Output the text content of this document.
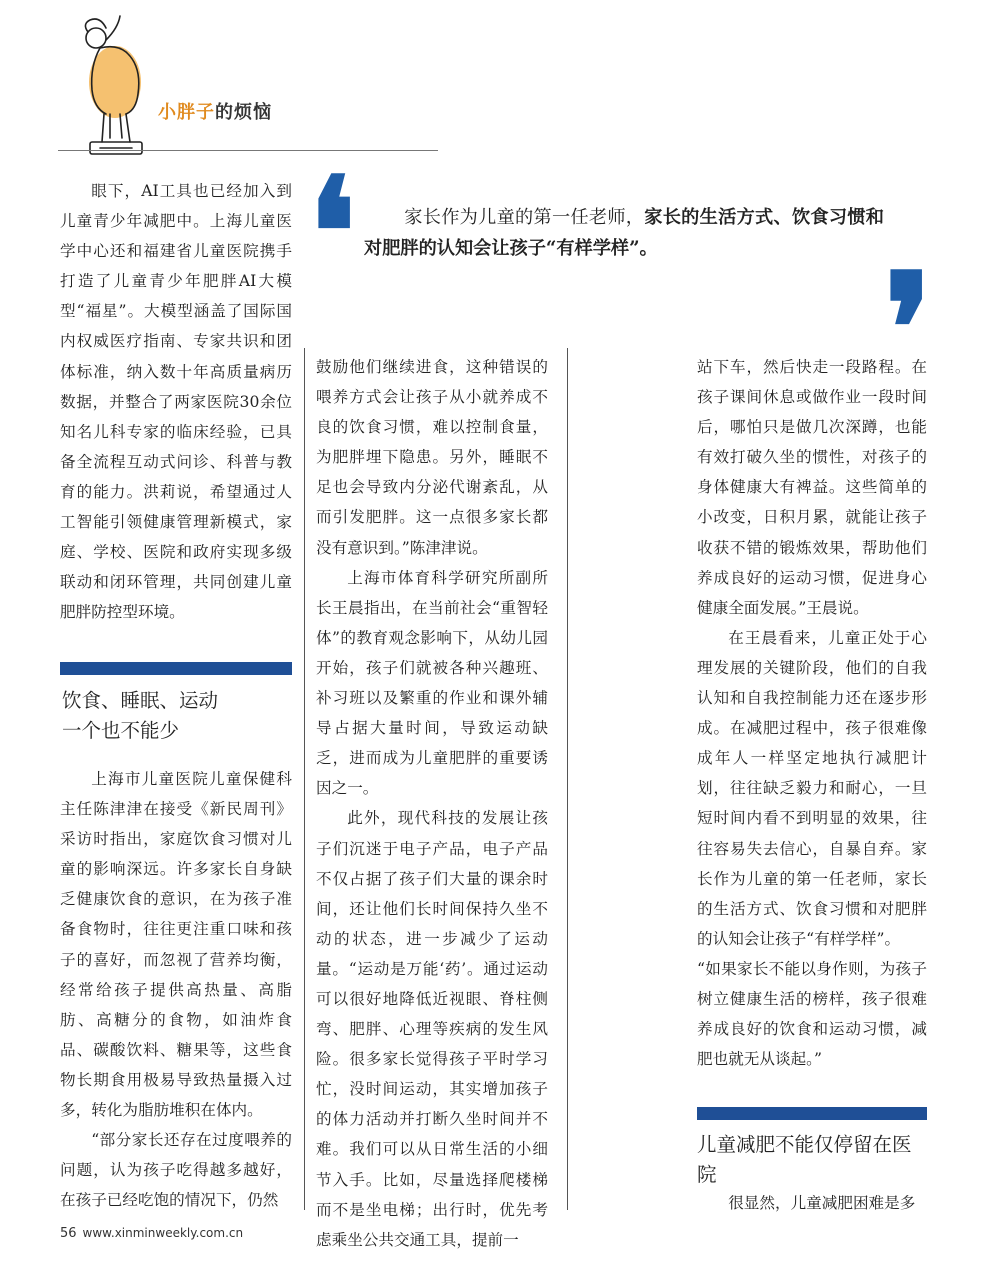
小胖子的烦恼
❛	家长作为儿童的第一任老师，家长的生活方式、饮食习惯和对肥胖的认知会让孩子“有样学样”。	❜

眼下，AI工具也已经加入到儿童青少年减肥中。上海儿童医学中心还和福建省儿童医院携手打造了儿童青少年肥胖AI大模型“福星”。大模型涵盖了国际国内权威医疗指南、专家共识和团体标准，纳入数十年高质量病历数据，并整合了两家医院30余位知名儿科专家的临床经验，已具备全流程互动式问诊、科普与教育的能力。洪莉说，希望通过人工智能引领健康管理新模式，家庭、学校、医院和政府实现多级联动和闭环管理，共同创建儿童肥胖防控型环境。

饮食、睡眠、运动
一个也不能少

上海市儿童医院儿童保健科主任陈津津在接受《新民周刊》采访时指出，家庭饮食习惯对儿童的影响深远。许多家长自身缺乏健康饮食的意识，在为孩子准备食物时，往往更注重口味和孩子的喜好，而忽视了营养均衡，经常给孩子提供高热量、高脂肪、高糖分的食物，如油炸食品、碳酸饮料、糖果等，这些食物长期食用极易导致热量摄入过多，转化为脂肪堆积在体内。

“部分家长还存在过度喂养的问题，认为孩子吃得越多越好，在孩子已经吃饱的情况下，仍然

鼓励他们继续进食，这种错误的喂养方式会让孩子从小就养成不良的饮食习惯，难以控制食量，为肥胖埋下隐患。另外，睡眠不足也会导致内分泌代谢紊乱，从而引发肥胖。这一点很多家长都没有意识到。”陈津津说。

上海市体育科学研究所副所长王晨指出，在当前社会“重智轻体”的教育观念影响下，从幼儿园开始，孩子们就被各种兴趣班、补习班以及繁重的作业和课外辅导占据大量时间，导致运动缺乏，进而成为儿童肥胖的重要诱因之一。

此外，现代科技的发展让孩子们沉迷于电子产品，电子产品不仅占据了孩子们大量的课余时间，还让他们长时间保持久坐不动的状态，进一步减少了运动量。“运动是万能‘药’。通过运动可以很好地降低近视眼、脊柱侧弯、肥胖、心理等疾病的发生风险。很多家长觉得孩子平时学习忙，没时间运动，其实增加孩子的体力活动并打断久坐时间并不难。我们可以从日常生活的小细节入手。比如，尽量选择爬楼梯而不是坐电梯；出行时，优先考虑乘坐公共交通工具，提前一

站下车，然后快走一段路程。在孩子课间休息或做作业一段时间后，哪怕只是做几次深蹲，也能有效打破久坐的惯性，对孩子的身体健康大有裨益。这些简单的小改变，日积月累，就能让孩子收获不错的锻炼效果，帮助他们养成良好的运动习惯，促进身心健康全面发展。”王晨说。

在王晨看来，儿童正处于心理发展的关键阶段，他们的自我认知和自我控制能力还在逐步形成。在减肥过程中，孩子很难像成年人一样坚定地执行减肥计划，往往缺乏毅力和耐心，一旦短时间内看不到明显的效果，往往容易失去信心，自暴自弃。家长作为儿童的第一任老师，家长的生活方式、饮食习惯和对肥胖的认知会让孩子“有样学样”。

“如果家长不能以身作则，为孩子树立健康生活的榜样，孩子很难养成良好的饮食和运动习惯，减肥也就无从谈起。”

儿童减肥不能仅停留在医院

很显然，儿童减肥困难是多

56 www.xinminweekly.com.cn
